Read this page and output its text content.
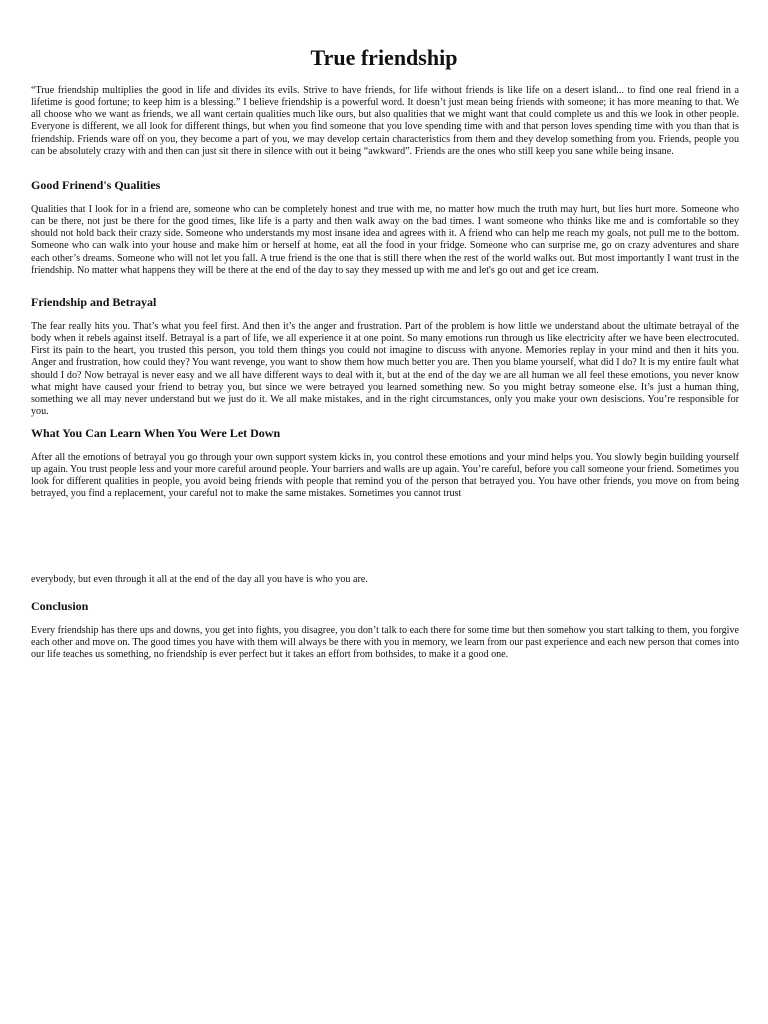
True friendship

“True friendship multiplies the good in life and divides its evils. Strive to have friends, for life without friends is like life on a desert island... to find one real friend in a lifetime is good fortune; to keep him is a blessing.” I believe friendship is a powerful word. It doesn’t just mean being friends with someone; it has more meaning to that. We all choose who we want as friends, we all want certain qualities much like ours, but also qualities that we might want that could complete us and this we look in other people. Everyone is different, we all look for different things, but when you find someone that you love spending time with and that person loves spending time with you than that is friendship. Friends ware off on you, they become a part of you, we may develop certain characteristics from them and they develop something from you. Friends, people you can be absolutely crazy with and then can just sit there in silence with out it being “awkward”. Friends are the ones who still keep you sane while being insane.

Good Frinend's Qualities

Qualities that I look for in a friend are, someone who can be completely honest and true with me, no matter how much the truth may hurt, but lies hurt more. Someone who can be there, not just be there for the good times, like life is a party and then walk away on the bad times. I want someone who thinks like me and is comfortable so they should not hold back their crazy side. Someone who understands my most insane idea and agrees with it. A friend who can help me reach my goals, not pull me to the bottom. Someone who can walk into your house and make him or herself at home, eat all the food in your fridge. Someone who can surprise me, go on crazy adventures and share each other’s dreams. Someone who will not let you fall. A true friend is the one that is still there when the rest of the world walks out. But most importantly I want trust in the friendship. No matter what happens they will be there at the end of the day to say they messed up with me and let's go out and get ice cream.

Friendship and Betrayal

The fear really hits you. That’s what you feel first. And then it’s the anger and frustration. Part of the problem is how little we understand about the ultimate betrayal of the body when it rebels against itself. Betrayal is a part of life, we all experience it at one point. So many emotions run through us like electricity after we have been electrocuted. First its pain to the heart, you trusted this person, you told them things you could not imagine to discuss with anyone. Memories replay in your mind and then it hits you. Anger and frustration, how could they? You want revenge, you want to show them how much better you are. Then you blame yourself, what did I do? It is my entire fault what should I do? Now betrayal is never easy and we all have different ways to deal with it, but at the end of the day we are all human we all feel these emotions, you never know what might have caused your friend to betray you, but since we were betrayed you learned something new. So you might betray someone else. It’s just a human thing, something we all may never understand but we just do it. We all make mistakes, and in the right circumstances, only you make your own desiscions. You’re responsible for you.

What You Can Learn When You Were Let Down

After all the emotions of betrayal you go through your own support system kicks in, you control these emotions and your mind helps you. You slowly begin building yourself up again. You trust people less and your more careful around people. Your barriers and walls are up again. You’re careful, before you call someone your friend. Sometimes you look for different qualities in people, you avoid being friends with people that remind you of the person that betrayed you. You have other friends, you move on from being betrayed, you find a replacement, your careful not to make the same mistakes. Sometimes you cannot trust

everybody, but even through it all at the end of the day all you have is who you are.

Conclusion

Every friendship has there ups and downs, you get into fights, you disagree, you don’t talk to each there for some time but then somehow you start talking to them, you forgive each other and move on. The good times you have with them will always be there with you in memory, we learn from our past experience and each new person that comes into our life teaches us something, no friendship is ever perfect but it takes an effort from bothsides, to make it a good one.
